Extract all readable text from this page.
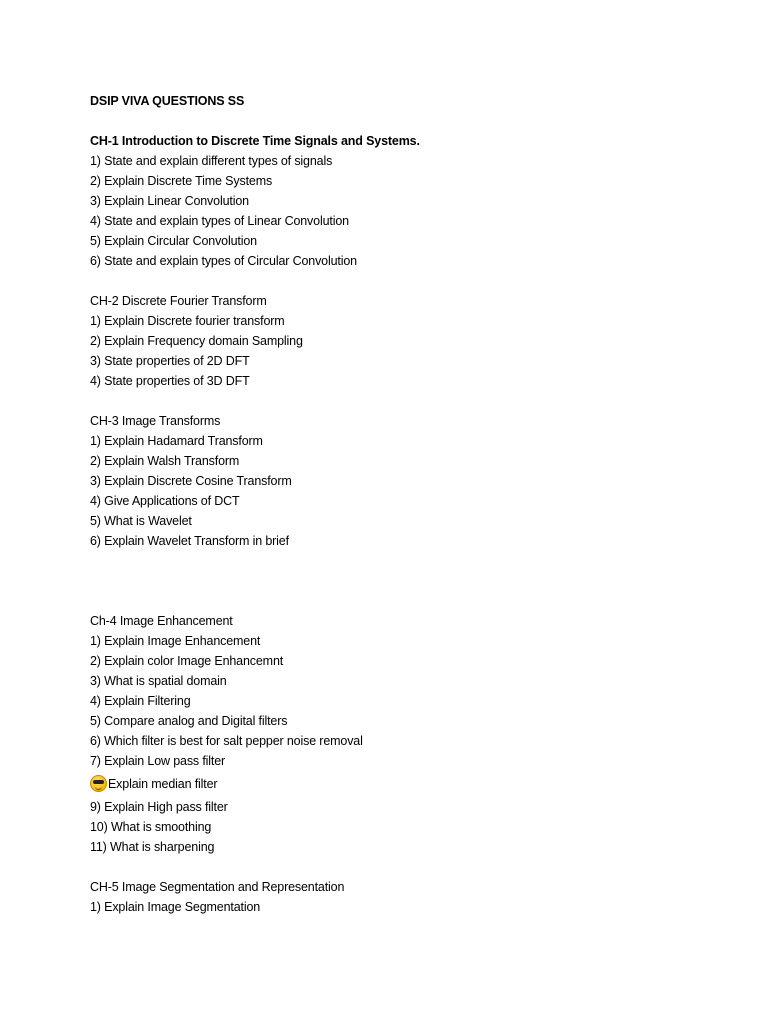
DSIP VIVA QUESTIONS SS
CH-1 Introduction to Discrete Time Signals and Systems.
1) State and explain different types of signals
2) Explain Discrete Time Systems
3) Explain Linear Convolution
4) State and explain types of Linear Convolution
5) Explain Circular Convolution
6) State and explain types of Circular Convolution
CH-2 Discrete Fourier Transform
1) Explain Discrete fourier transform
2) Explain Frequency domain Sampling
3) State properties of 2D DFT
4) State properties of 3D DFT
CH-3 Image Transforms
1) Explain Hadamard Transform
2) Explain Walsh Transform
3) Explain Discrete Cosine Transform
4) Give Applications of DCT
5) What is Wavelet
6) Explain Wavelet Transform in brief
Ch-4 Image Enhancement
1) Explain Image Enhancement
2) Explain color Image Enhancemnt
3) What is spatial domain
4) Explain Filtering
5) Compare analog and Digital filters
6) Which filter is best for salt pepper noise removal
7) Explain Low pass filter
Explain median filter
9) Explain High pass filter
10) What is smoothing
11) What is sharpening
CH-5 Image Segmentation and Representation
1) Explain Image Segmentation
